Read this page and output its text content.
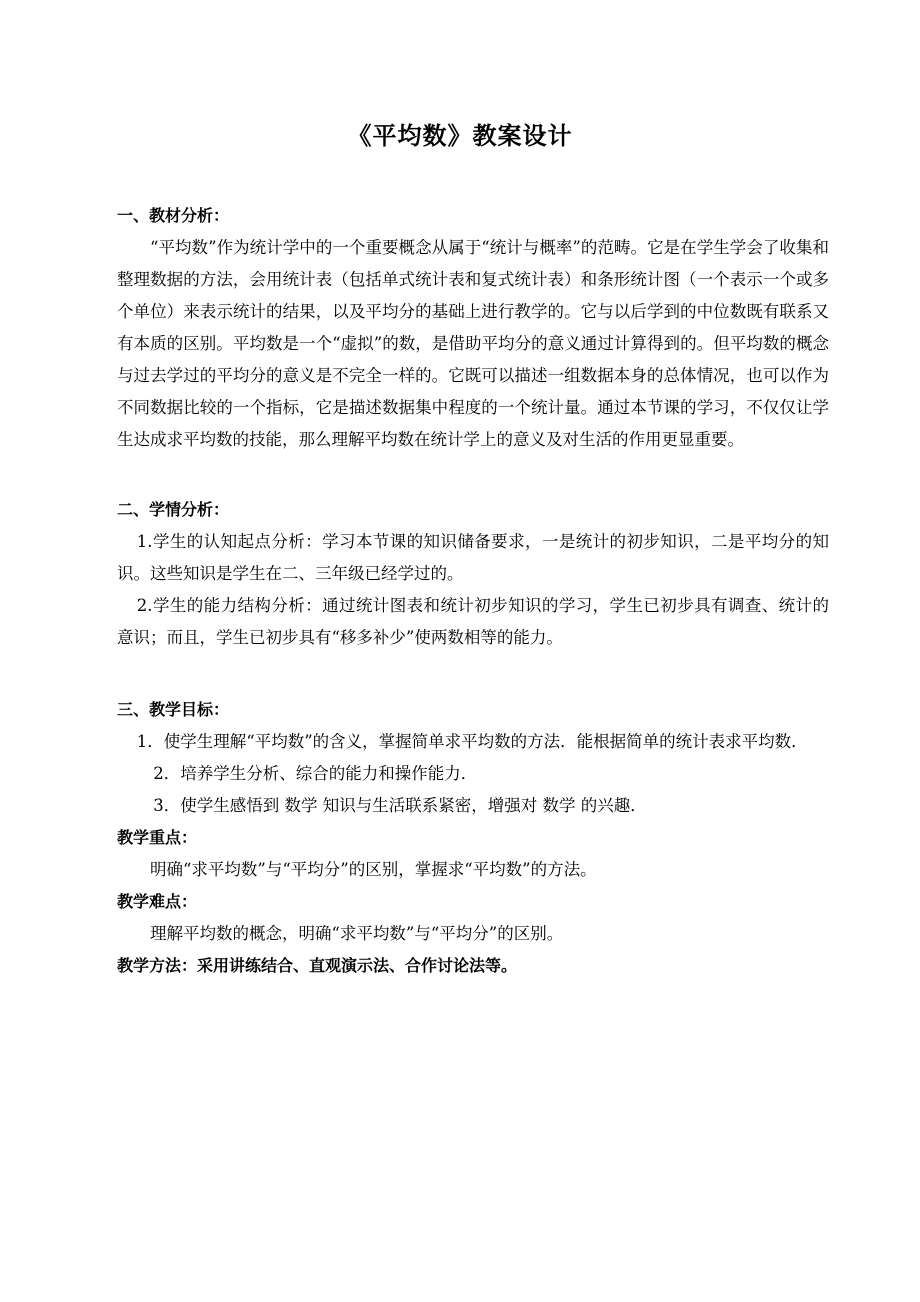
《平均数》教案设计
一、教材分析：

“平均数”作为统计学中的一个重要概念从属于“统计与概率”的范畴。它是在学生学会了收集和整理数据的方法，会用统计表（包括单式统计表和复式统计表）和条形统计图（一个表示一个或多个单位）来表示统计的结果，以及平均分的基础上进行教学的。它与以后学到的中位数既有联系又有本质的区别。平均数是一个“虚拟”的数，是借助平均分的意义通过计算得到的。但平均数的概念与过去学过的平均分的意义是不完全一样的。它既可以描述一组数据本身的总体情况，也可以作为不同数据比较的一个指标，它是描述数据集中程度的一个统计量。通过本节课的学习，不仅仅让学生达成求平均数的技能，那么理解平均数在统计学上的意义及对生活的作用更显重要。

二、学情分析：

1.学生的认知起点分析：学习本节课的知识储备要求，一是统计的初步知识，二是平均分的知识。这些知识是学生在二、三年级已经学过的。

2.学生的能力结构分析：通过统计图表和统计初步知识的学习，学生已初步具有调查、统计的意识；而且，学生已初步具有“移多补少”使两数相等的能力。

三、教学目标：

1．使学生理解“平均数”的含义，掌握简单求平均数的方法．能根据简单的统计表求平均数．

2．培养学生分析、综合的能力和操作能力．

3．使学生感悟到 数学 知识与生活联系紧密，增强对 数学 的兴趣．

教学重点：

明确“求平均数”与“平均分”的区别，掌握求“平均数”的方法。

教学难点：

理解平均数的概念，明确“求平均数”与“平均分”的区别。

教学方法：采用讲练结合、直观演示法、合作讨论法等。
